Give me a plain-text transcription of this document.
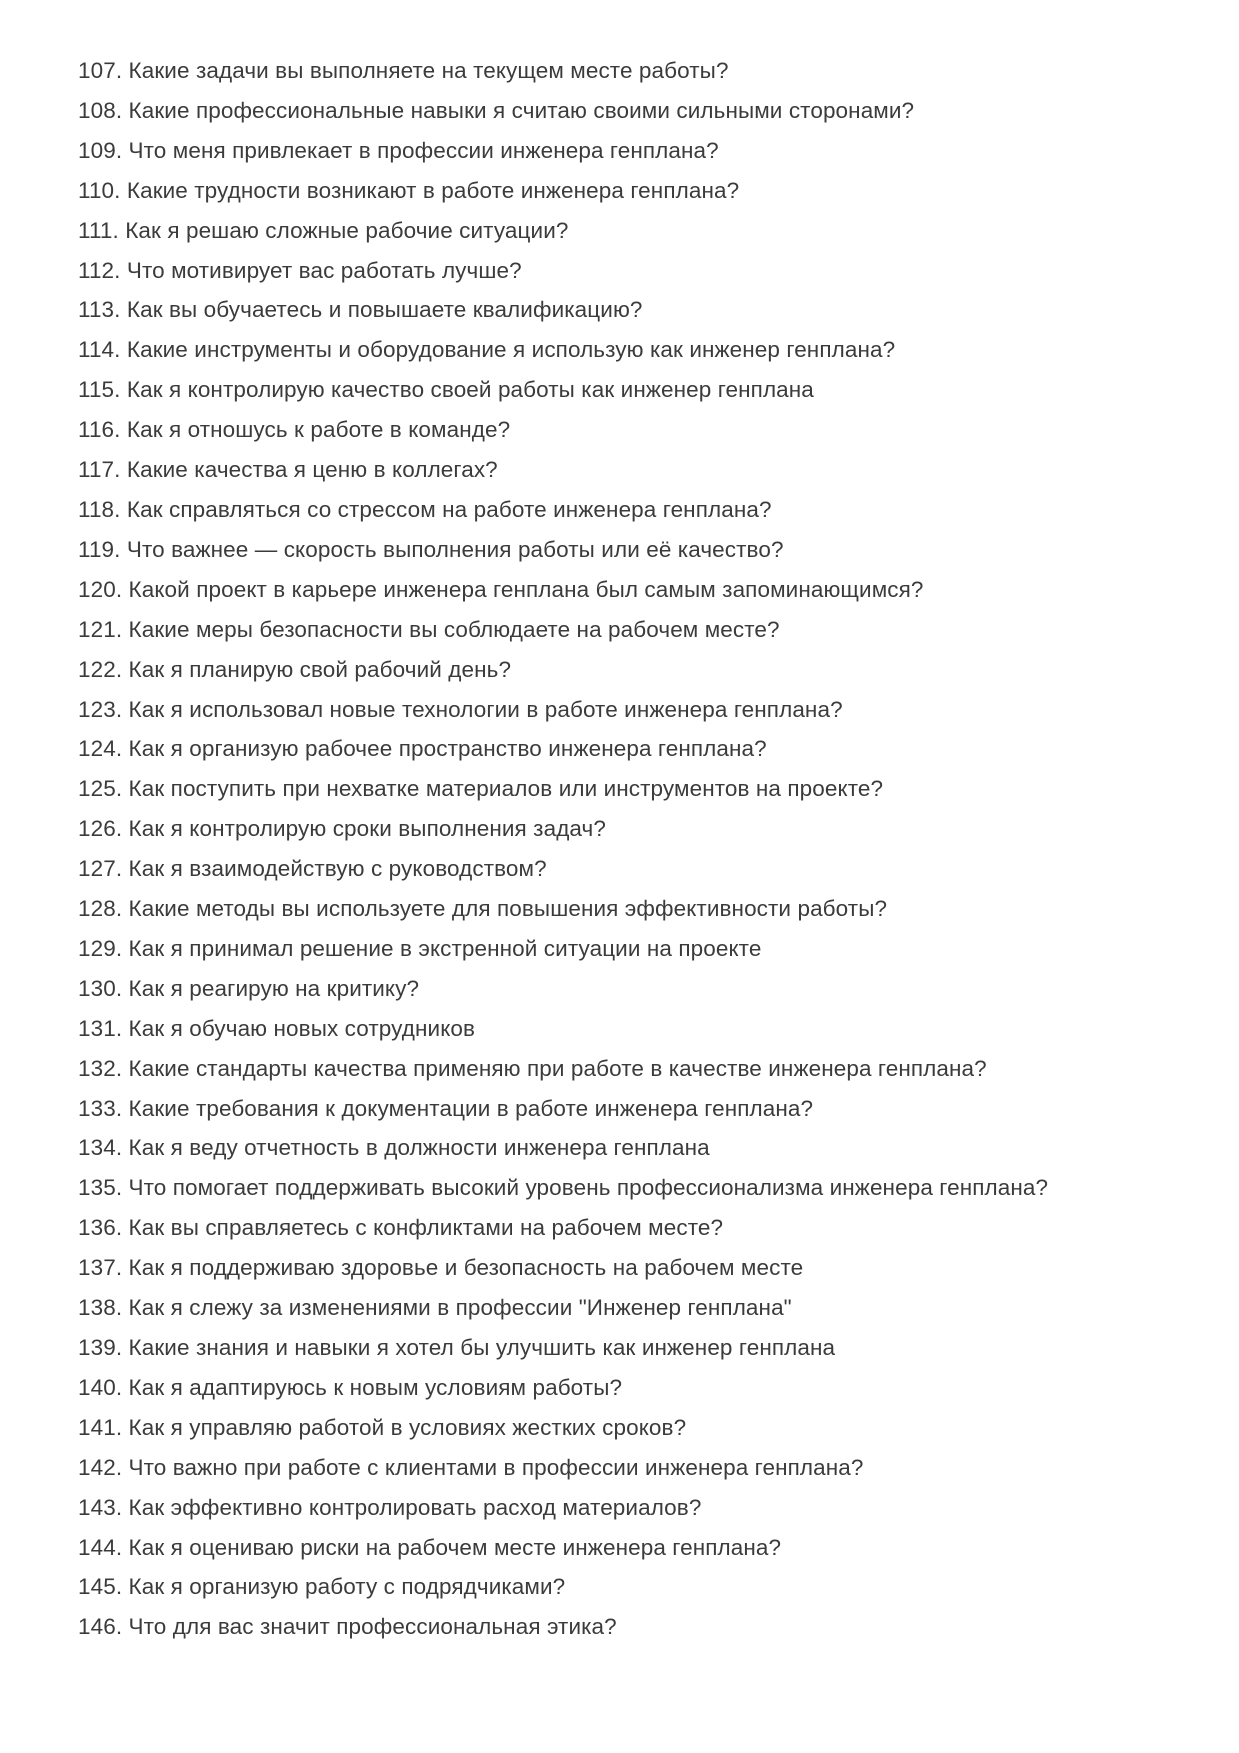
107. Какие задачи вы выполняете на текущем месте работы?
108. Какие профессиональные навыки я считаю своими сильными сторонами?
109. Что меня привлекает в профессии инженера генплана?
110. Какие трудности возникают в работе инженера генплана?
111. Как я решаю сложные рабочие ситуации?
112. Что мотивирует вас работать лучше?
113. Как вы обучаетесь и повышаете квалификацию?
114. Какие инструменты и оборудование я использую как инженер генплана?
115. Как я контролирую качество своей работы как инженер генплана
116. Как я отношусь к работе в команде?
117. Какие качества я ценю в коллегах?
118. Как справляться со стрессом на работе инженера генплана?
119. Что важнее — скорость выполнения работы или её качество?
120. Какой проект в карьере инженера генплана был самым запоминающимся?
121. Какие меры безопасности вы соблюдаете на рабочем месте?
122. Как я планирую свой рабочий день?
123. Как я использовал новые технологии в работе инженера генплана?
124. Как я организую рабочее пространство инженера генплана?
125. Как поступить при нехватке материалов или инструментов на проекте?
126. Как я контролирую сроки выполнения задач?
127. Как я взаимодействую с руководством?
128. Какие методы вы используете для повышения эффективности работы?
129. Как я принимал решение в экстренной ситуации на проекте
130. Как я реагирую на критику?
131. Как я обучаю новых сотрудников
132. Какие стандарты качества применяю при работе в качестве инженера генплана?
133. Какие требования к документации в работе инженера генплана?
134. Как я веду отчетность в должности инженера генплана
135. Что помогает поддерживать высокий уровень профессионализма инженера генплана?
136. Как вы справляетесь с конфликтами на рабочем месте?
137. Как я поддерживаю здоровье и безопасность на рабочем месте
138. Как я слежу за изменениями в профессии "Инженер генплана"
139. Какие знания и навыки я хотел бы улучшить как инженер генплана
140. Как я адаптируюсь к новым условиям работы?
141. Как я управляю работой в условиях жестких сроков?
142. Что важно при работе с клиентами в профессии инженера генплана?
143. Как эффективно контролировать расход материалов?
144. Как я оцениваю риски на рабочем месте инженера генплана?
145. Как я организую работу с подрядчиками?
146. Что для вас значит профессиональная этика?
